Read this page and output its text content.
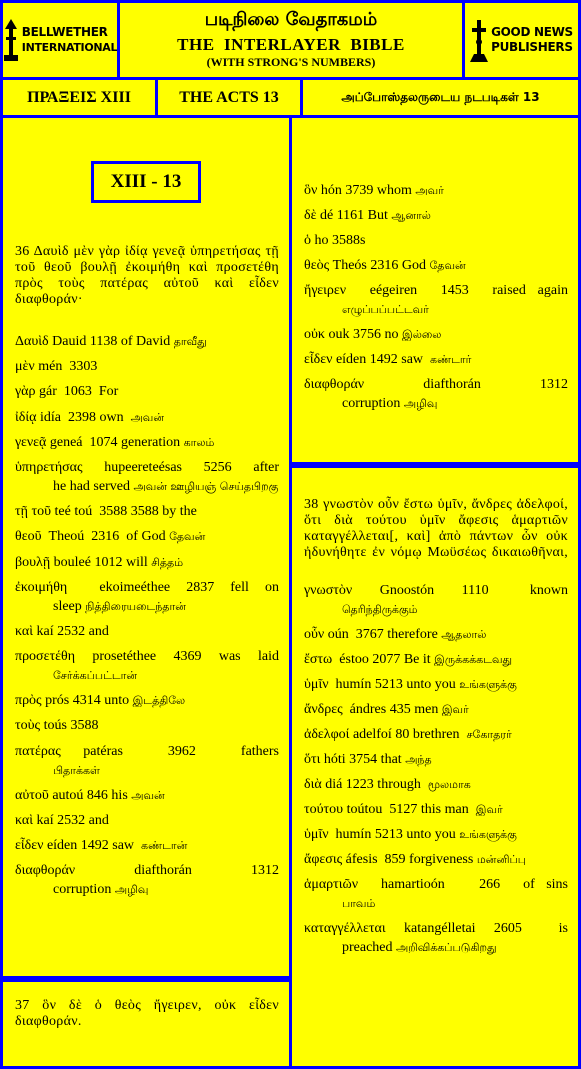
BELLWETHER
INTERNATIONAL
படிநிலை வேதாகமம்
THE  INTERLAYER  BIBLE
(WITH STRONG'S NUMBERS)
GOOD NEWS
PUBLISHERS
ΠΡΑΞΕΙΣ XIII	THE ACTS 13	அப்போஸ்தலருடைய நடபடிகள் 13
XIII - 13
36 Δαυὶδ μὲν γὰρ ἰδίᾳ γενεᾷ ὑπηρετήσας τῇ τοῦ θεοῦ βουλῇ ἐκοιμήθη καὶ προσετέθη πρὸς τοὺς πατέρας αὐτοῦ καὶ εἶδεν διαφθοράν·
Δαυὶδ Dauid 1138 of David தாவீது
μὲν mén  3303
γὰρ gár  1063  For
ἰδίᾳ idía  2398 own  அவன்
γενεᾷ geneá  1074 generation காலம்
ὑπηρετήσας hupeereteésas 5256 after
he had served அவன் ஊழியஞ் செய்தபிறகு
τῇ τοῦ teé toú  3588 3588 by the
θεοῦ  Theoú  2316  of God தேவன்
βουλῇ bouleé 1012 will சித்தம்
ἐκοιμήθη  ekoimeéthee 2837 fell on
sleep நித்திரையடைந்தான்
καὶ kaí 2532 and
προσετέθη prosetéthee 4369 was laid
சேர்க்கப்பட்டான்
πρὸς prós 4314 unto இடத்திலே
τοὺς toús 3588
πατέρας patéras  3962  fathers
பிதாக்கள்
αὐτοῦ autoú 846 his அவன்
καὶ kaí 2532 and
εἶδεν eíden 1492 saw  கண்டான்
διαφθοράν  diafthorán  1312
corruption அழிவு
37 ὃν δὲ ὁ θεὸς ἤγειρεν, οὐκ εἶδεν διαφθοράν.
ὃν hón 3739 whom அவர்
δὲ dé 1161 But ஆனால்
ὁ ho 3588s
θεὸς Theós 2316 God தேவன்
ἤγειρεν  eégeiren  1453  raised again
எழுப்பப்பட்டவர்
οὐκ ouk 3756 no இல்லை
εἶδεν eíden 1492 saw  கண்டார்
διαφθοράν  diafthorán  1312
corruption அழிவு
38 γνωστὸν οὖν ἔστω ὑμῖν, ἄνδρες ἀδελφοί, ὅτι διὰ τούτου ὑμῖν ἄφεσις ἁμαρτιῶν καταγγέλλεται[, καὶ] ἀπὸ πάντων ὧν οὐκ ἠδυνήθητε ἐν νόμῳ Μωϋσέως δικαιωθῆναι,
γνωστὸν  Gnoostón  1110   known
தெரிந்திருக்கும்
οὖν oún  3767 therefore ஆதலால்
ἔστω  éstoo 2077 Be it இருக்கக்கடவது
ὑμῖν  humín 5213 unto you உங்களுக்கு
ἄνδρες  ándres 435 men இவர்
ἀδελφοί adelfoí 80 brethren  சகோதரர்
ὅτι hóti 3754 that அந்த
διὰ diá 1223 through  மூலமாக
τούτου toútou  5127 this man  இவர்
ὑμῖν  humín 5213 unto you உங்களுக்கு
ἄφεσις áfesis  859 forgiveness மன்னிப்பு
ἁμαρτιῶν  hamartioón   266  of sins
பாவம்
καταγγέλλεται katangélletai 2605  is
preached அறிவிக்கப்படுகிறது
